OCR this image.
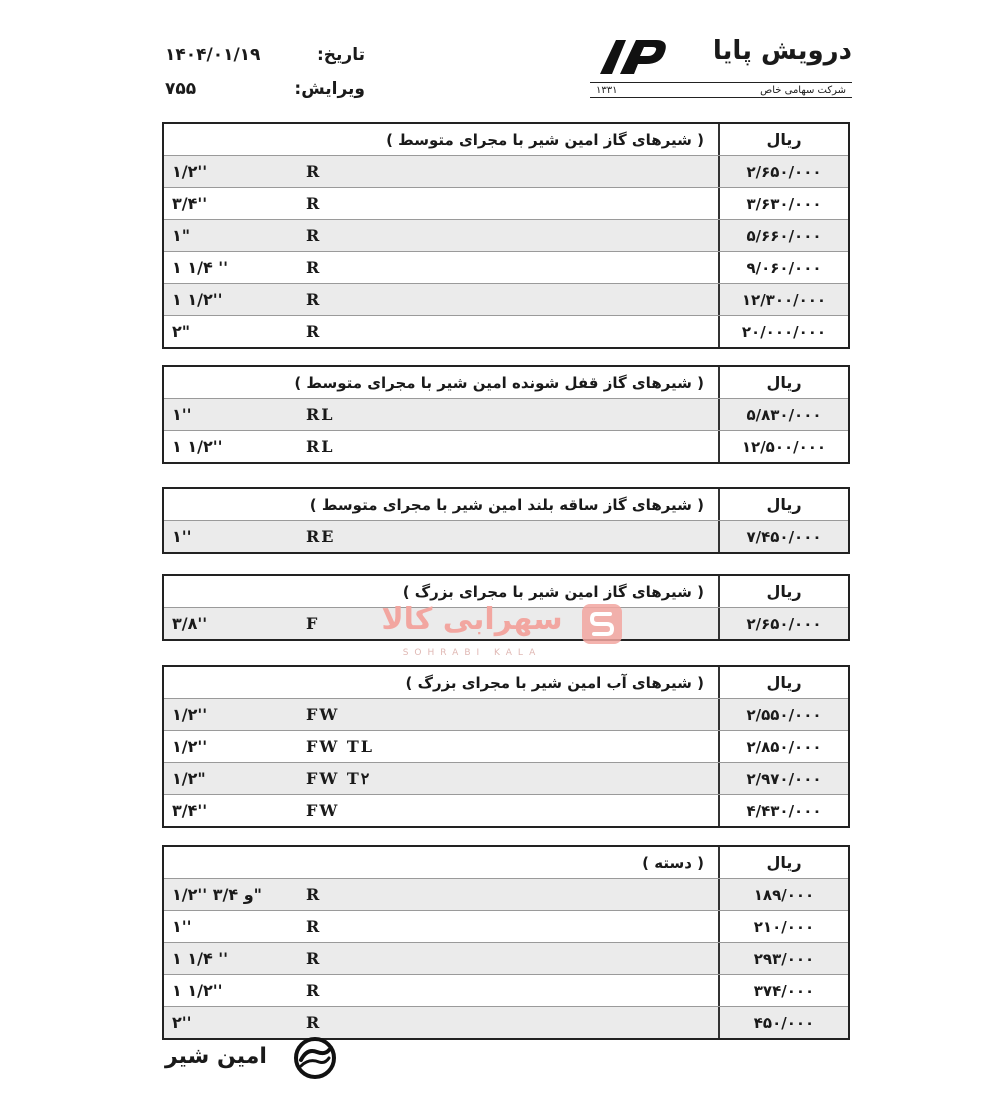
تاریخ:
۱۴۰۴/۰۱/۱۹
ویرایش:
۷۵۵
درویش پایا
۱۳۳۱	شرکت سهامی خاص
( شیرهای گاز امین شیر با مجرای متوسط )	ریال
۱/۲''	R	۲/۶۵۰/۰۰۰
۳/۴''	R	۳/۶۳۰/۰۰۰
۱"	R	۵/۶۶۰/۰۰۰
۱ ۱/۴ ''	R	۹/۰۶۰/۰۰۰
۱ ۱/۲''	R	۱۲/۳۰۰/۰۰۰
۲"	R	۲۰/۰۰۰/۰۰۰
( شیرهای گاز قفل شونده امین شیر با مجرای متوسط )	ریال
۱''	RL	۵/۸۳۰/۰۰۰
۱ ۱/۲''	RL	۱۲/۵۰۰/۰۰۰
( شیرهای گاز ساقه بلند امین شیر با مجرای متوسط )	ریال
۱''	RE	۷/۴۵۰/۰۰۰
( شیرهای گاز امین شیر با مجرای بزرگ )	ریال
۳/۸''	F	۲/۶۵۰/۰۰۰
( شیرهای آب امین شیر با مجرای بزرگ )	ریال
۱/۲''	FW	۲/۵۵۰/۰۰۰
۱/۲''	FW TL	۲/۸۵۰/۰۰۰
۱/۲"	FW T۲	۲/۹۷۰/۰۰۰
۳/۴''	FW	۴/۴۳۰/۰۰۰
( دسته )	ریال
۱/۲'' و ۳/۴"	R	۱۸۹/۰۰۰
۱''	R	۲۱۰/۰۰۰
۱ ۱/۴ ''	R	۲۹۳/۰۰۰
۱ ۱/۲''	R	۳۷۴/۰۰۰
۲''	R	۴۵۰/۰۰۰
سهرابی کالا
SOHRABI KALA
امین شیر
